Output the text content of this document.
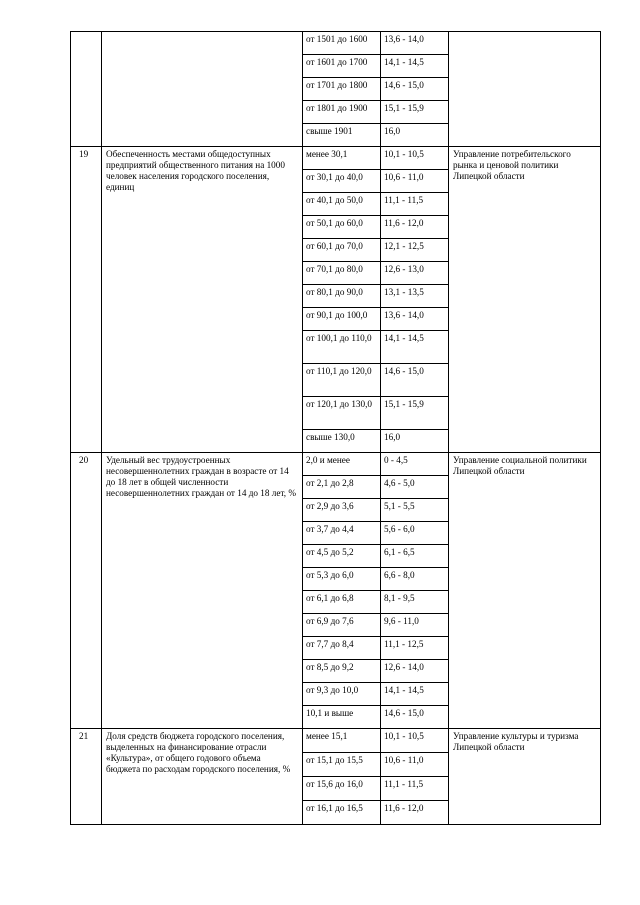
		от 1501 до 1600	13,6 - 14,0	
		от 1601 до 1700	14,1 - 14,5	
		от 1701 до 1800	14,6 - 15,0	
		от 1801 до 1900	15,1 - 15,9	
		свыше 1901	16,0	
19	Обеспеченность местами общедоступных предприятий общественного питания на 1000 человек населения городского поселения, единиц	менее 30,1	10,1 - 10,5	Управление потребительского рынка и ценовой политики Липецкой области
		от 30,1 до 40,0	10,6 - 11,0	
		от 40,1 до 50,0	11,1 - 11,5	
		от 50,1 до 60,0	11,6 - 12,0	
		от 60,1 до 70,0	12,1 - 12,5	
		от 70,1 до 80,0	12,6 - 13,0	
		от 80,1 до 90,0	13,1 - 13,5	
		от 90,1 до 100,0	13,6 - 14,0	
		от 100,1 до 110,0	14,1 - 14,5	
		от 110,1 до 120,0	14,6 - 15,0	
		от 120,1 до 130,0	15,1 - 15,9	
		свыше 130,0	16,0	
20	Удельный вес трудоустроенных несовершеннолетних граждан в возрасте от 14 до 18 лет в общей численности несовершеннолетних граждан от 14 до 18 лет, %	2,0 и менее	0 - 4,5	Управление социальной политики Липецкой области
		от 2,1 до 2,8	4,6 - 5,0	
		от 2,9 до 3,6	5,1 - 5,5	
		от 3,7 до 4,4	5,6 - 6,0	
		от 4,5 до 5,2	6,1 - 6,5	
		от 5,3 до 6,0	6,6 - 8,0	
		от 6,1 до 6,8	8,1 - 9,5	
		от 6,9 до 7,6	9,6 - 11,0	
		от 7,7 до 8,4	11,1 - 12,5	
		от 8,5 до 9,2	12,6 - 14,0	
		от 9,3 до 10,0	14,1 - 14,5	
		10,1 и выше	14,6 - 15,0	
21	Доля средств бюджета городского поселения, выделенных на финансирование отрасли «Культура», от общего годового объема бюджета по расходам городского поселения, %	менее 15,1	10,1 - 10,5	Управление культуры и туризма Липецкой области
		от 15,1 до 15,5	10,6 - 11,0	
		от 15,6 до 16,0	11,1 - 11,5	
		от 16,1 до 16,5	11,6 - 12,0	
